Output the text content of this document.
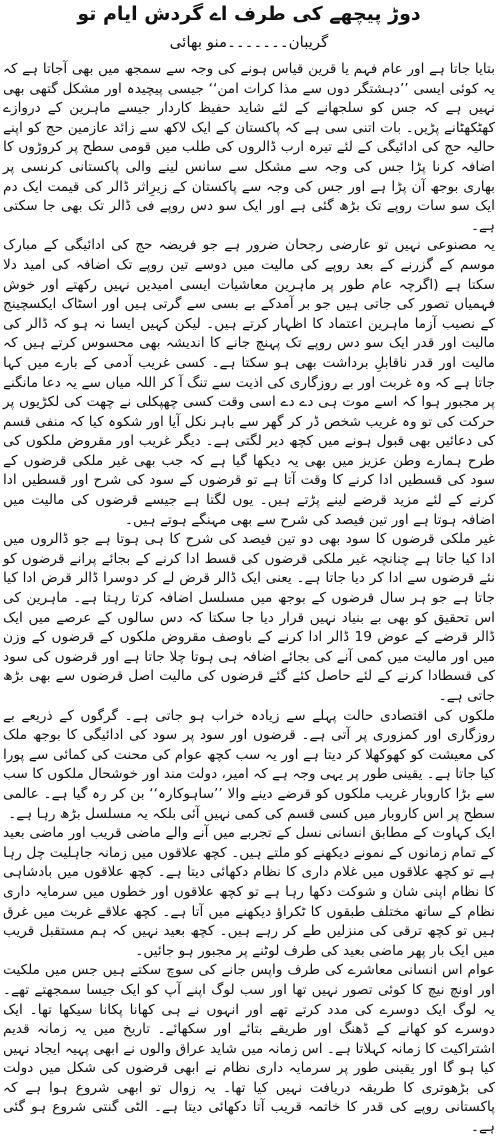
دوڑ پیچھے کی طرف اے گردش ایام تو
گریبان۔۔۔۔۔۔۔منو بھائی

بتایا جاتا ہے اور عام فہم یا قرین قیاس ہونے کی وجہ سے سمجھ میں بھی آجاتا ہے کہ یہ کوئی ایسی ’’دہشتگر دوں سے مذا کرات امن‘‘ جیسی پیچیدہ اور مشکل گتھی بھی نہیں ہے کہ جس کو سلجھانے کے لئے شاید حفیظ کاردار جیسے ماہرین کے دروازے کھٹکھٹانے پڑیں۔ بات اتنی سی ہے کہ پاکستان کے ایک لاکھ سے زائد عازمین حج کو اپنے حالیہ حج کی ادائیگی کے لئے تیرہ ارب ڈالروں کی طلب میں قومی سطح پر کروڑوں کا اضافہ کرنا پڑا جس کی وجہ سے مشکل سے سانس لینے والی پاکستانی کرنسی پر بھاری بوجھ آن پڑا ہے اور جس کی وجہ سے پاکستان کے زیرِاثر ڈالر کی قیمت ایک دم ایک سو سات روپے تک بڑھ گئی ہے اور ایک سو دس روپے فی ڈالر تک بھی جا سکتی ہے۔

یہ مصنوعی نہیں تو عارضی رجحان ضرور ہے جو فریضہ حج کی ادائیگی کے مبارک موسم کے گزرنے کے بعد روپے کی مالیت میں دوسے تین روپے تک اضافہ کی امید دلا سکتا ہے (اگرچہ عام طور پر ماہرین معاشیات ایسی امیدیں نہیں رکھتے اور خوش فہمیاں تصور کی جاتی ہیں جو بر آمدکے بے بسی سے گرتی ہیں اور اسٹاک ایکسچینج کے نصیب آزما ماہرین اعتماد کا اظہار کرتے ہیں۔ لیکن کہیں ایسا نہ ہو کہ ڈالر کی مالیت اور قدر ایک سو دس روپے تک پہنچ جانے کا اندیشہ بھی محسوس کرتے ہیں کہ مالیت اور قدر ناقابلِ برداشت بھی ہو سکتا ہے۔ کسی غریب آدمی کے بارے میں کہا جاتا ہے کہ وہ غربت اور بے روزگاری کی اذیت سے تنگ آ کر اللہ میاں سے یہ دعا مانگنے پر مجبور ہوا کہ اسے موت ہی دے دے اسی وقت کسی چھپکلی نے چھت کی لکڑیوں پر حرکت کی تو وہ غریب شخص ڈر کر گھر سے باہر نکل آیا اور شکوہ کیا کہ منفی قسم کی دعائیں بھی قبول ہونے میں کچھ دیر لگتی ہے۔ دیگر غریب اور مقروض ملکوں کی طرح ہمارے وطن عزیز میں بھی یہ دیکھا گیا ہے کہ جب بھی غیر ملکی قرضوں کے سود کی قسطیں ادا کرنے کا وقت آتا ہے تو قرضوں کے سود کی شرح اور قسطیں ادا کرنے کے لئے مزید قرضے لینے پڑتے ہیں۔ یوں لگتا ہے جیسے قرضوں کی مالیت میں اضافہ ہوتا ہے اور تین فیصد کی شرح سے بھی مہنگے ہوتے ہیں۔

غیر ملکی قرضوں کا سود بھی دو تین فیصد کی شرح کا ہی ہوتا ہے جو ڈالروں میں ادا کیا جاتا ہے چنانچہ غیر ملکی قرضوں کی قسط ادا کرنے کے بجائے پرانے قرضوں کو نئے قرضوں سے ادا کر دیا جاتا ہے۔ یعنی ایک ڈالر قرض لے کر دوسرا ڈالر قرض ادا کیا جاتا ہے جو ہر سال قرضوں کے بوجھ میں مسلسل اضافہ کرتا رہتا ہے۔ ماہرین کی اس تحقیق کو بھی بے بنیاد نہیں قرار دیا جا سکتا کہ دس سالوں کے عرصے میں ایک ڈالر قرضے کے عوض 19 ڈالر ادا کرنے کے باوصف مقروض ملکوں کے قرضوں کے وزن میں اور مالیت میں کمی آنے کی بجائے اضافہ ہی ہوتا چلا جاتا ہے اور قرضوں کی سود کی قسطادا کرنے کے لئے حاصل کئے گئے قرضوں کی مالیت اصل قرضوں سے بھی بڑھ جاتی ہے۔

ملکوں کی اقتصادی حالت پہلے سے زیادہ خراب ہو جاتی ہے۔ گرگوں کے ذریعے بے روزگاری اور کمزوری پر آتی ہے۔ قرضوں اور سود پر سود کی ادائیگی کا بوجھ ملک کی معیشت کو کھوکھلا کر دیتا ہے اور یہ سب کچھ عوام کی محنت کی کمائی سے پورا کیا جاتا ہے۔ یقینی طور پر یہی وجہ ہے کہ امیر، دولت مند اور خوشحال ملکوں کا سب سے بڑا کاروبار غریب ملکوں کو قرضے دینے والا ’’ساہوکارہ‘‘ بن کر رہ گیا ہے۔ عالمی سطح پر اس کاروبار میں کسی قسم کی کمی نہیں آئی بلکہ یہ مسلسل بڑھ رہا ہے۔

ایک کہاوت کے مطابق انسانی نسل کے تجربے میں آنے والے ماضی قریب اور ماضی بعید کے تمام زمانوں کے نمونے دیکھنے کو ملتے ہیں۔ کچھ علاقوں میں زمانہ جاہلیت چل رہا ہے تو کچھ علاقوں میں غلام داری کا نظام دکھائی دیتا ہے۔ کچھ علاقوں میں بادشاہی کا نظام اپنی شان و شوکت دکھا رہا ہے تو کچھ علاقوں اور خطوں میں سرمایہ داری نظام کے ساتھ مختلف طبقوں کا ٹکراؤ دیکھنے میں آتا ہے۔ کچھ علاقے غربت میں غرق ہیں تو کچھ ترقی کی منزلیں طے کر رہے ہیں۔ کچھ بعید نہیں کہ ہم مستقبل قریب میں ایک بار پھر ماضی بعید کی طرف لوٹنے پر مجبور ہو جائیں۔

عوام اس انسانی معاشرے کی طرف واپس جانے کی سوچ سکتے ہیں جس میں ملکیت اور اونچ نیچ کا کوئی تصور نہیں تھا اور سب لوگ اپنے آپ کو ایک جیسا سمجھتے تھے۔ یہ لوگ ایک دوسرے کی مدد کرتے تھے اور انہوں نے ہی کھانا پکانا سیکھا تھا۔ ایک دوسرے کو کھانے کے ڈھنگ اور طریقے بتائے اور سکھائے۔ تاریخ میں یہ زمانہ قدیم اشتراکیت کا زمانہ کہلاتا ہے۔ اس زمانہ میں شاید عراق والوں نے ابھی پہیہ ایجاد نہیں کیا ہو گا اور یقینی طور پر سرمایہ داری نظام نے ابھی قرضوں کی شکل میں دولت کی بڑھوتری کا طریقہ دریافت نہیں کیا تھا۔ یہ زوال تو ابھی شروع ہوا ہے کہ پاکستانی روپے کی قدر کا خاتمہ قریب آتا دکھائی دیتا ہے۔ الٹی گنتی شروع ہو گئی ہے۔
